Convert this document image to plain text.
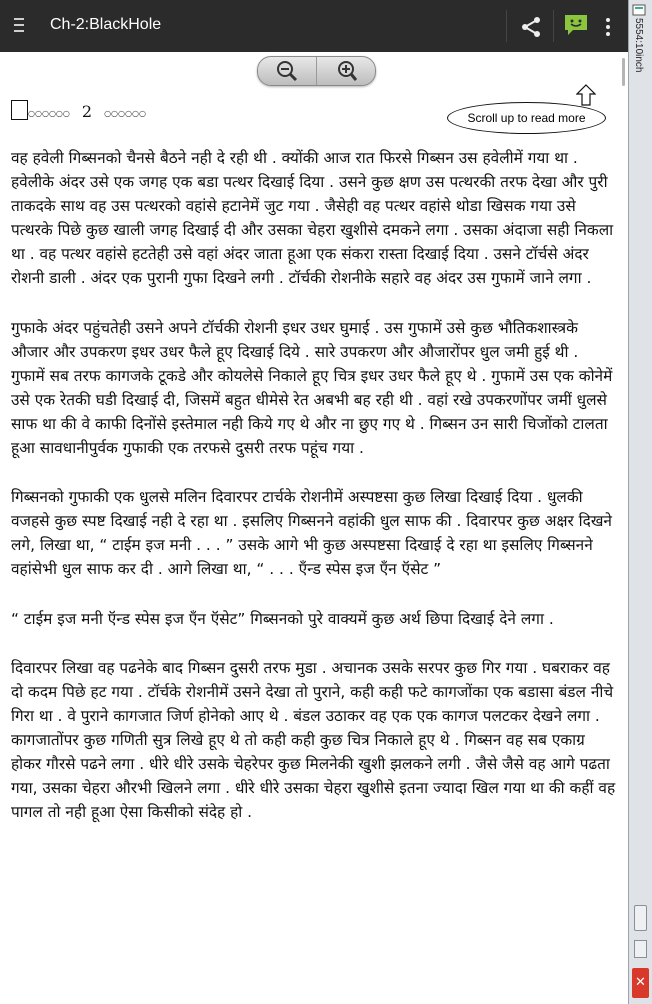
Ch-2:BlackHole
○○○○○○ 2 ○○○○○○	Scroll up to read more

वह हवेली गिब्सनको चैनसे बैठने नही दे रही थी . क्योंकी आज रात फिरसे गिब्सन उस हवेलीमें गया था . हवेलीके अंदर उसे एक जगह एक बडा पत्थर दिखाई दिया . उसने कुछ क्षण उस पत्थरकी तरफ देखा और पुरी ताकदके साथ वह उस पत्थरको वहांसे हटानेमें जुट गया . जैसेही वह पत्थर वहांसे थोडा खिसक गया उसे पत्थरके पिछे कुछ खाली जगह दिखाई दी और उसका चेहरा खुशीसे दमकने लगा . उसका अंदाजा सही निकला था . वह पत्थर वहांसे हटतेही उसे वहां अंदर जाता हूआ एक संकरा रास्ता दिखाई दिया . उसने टॉर्चसे अंदर रोशनी डाली . अंदर एक पुरानी गुफा दिखने लगी . टॉर्चकी रोशनीके सहारे वह अंदर उस गुफामें जाने लगा .

गुफाके अंदर पहुंचतेही उसने अपने टॉर्चकी रोशनी इधर उधर घुमाई . उस गुफामें उसे कुछ भौतिकशास्त्रके औजार और उपकरण इधर उधर फैले हूए दिखाई दिये . सारे उपकरण और औजारोंपर धुल जमी हुई थी . गुफामें सब तरफ कागजके टूकडे और कोयलेसे निकाले हूए चित्र इधर उधर फैले हूए थे . गुफामें उस एक कोनेमें उसे एक रेतकी घडी दिखाई दी, जिसमें बहुत धीमेसे रेत अबभी बह रही थी . वहां रखे उपकरणोंपर जमीं धुलसे साफ था की वे काफी दिनोंसे इस्तेमाल नही किये गए थे और ना छुए गए थे . गिब्सन उन सारी चिजोंको टालता हूआ सावधानीपुर्वक गुफाकी एक तरफसे दुसरी तरफ पहूंच गया .

गिब्सनको गुफाकी एक धुलसे मलिन दिवारपर टार्चके रोशनीमें अस्पष्टसा कुछ लिखा दिखाई दिया . धुलकी वजहसे कुछ स्पष्ट दिखाई नही दे रहा था . इसलिए गिब्सनने वहांकी धुल साफ की . दिवारपर कुछ अक्षर दिखने लगे, लिखा था, “ टाईम इज मनी . . . ” उसके आगे भी कुछ अस्पष्टसा दिखाई दे रहा था इसलिए गिब्सनने वहांसेभी धुल साफ कर दी . आगे लिखा था, “ . . . एँन्ड स्पेस इज एँन ऍसेट ”

“ टाईम इज मनी ऍन्ड स्पेस इज एँन ऍसेट” गिब्सनको पुरे वाक्यमें कुछ अर्थ छिपा दिखाई देने लगा .

दिवारपर लिखा वह पढनेके बाद गिब्सन दुसरी तरफ मुडा . अचानक उसके सरपर कुछ गिर गया . घबराकर वह दो कदम पिछे हट गया . टॉर्चके रोशनीमें उसने देखा तो पुराने, कही कही फटे कागजोंका एक बडासा बंडल नीचे गिरा था . वे पुराने कागजात जिर्ण होनेको आए थे . बंडल उठाकर वह एक एक कागज पलटकर देखने लगा . कागजातोंपर कुछ गणिती सुत्र लिखे हूए थे तो कही कही कुछ चित्र निकाले हूए थे . गिब्सन वह सब एकाग्र होकर गौरसे पढने लगा . धीरे धीरे उसके चेहरेपर कुछ मिलनेकी खुशी झलकने लगी . जैसे जैसे वह आगे पढता गया, उसका चेहरा औरभी खिलने लगा . धीरे धीरे उसका चेहरा खुशीसे इतना ज्यादा खिल गया था की कहीं वह पागल तो नही हूआ ऐसा किसीको संदेह हो .

5554:10inch
✕
